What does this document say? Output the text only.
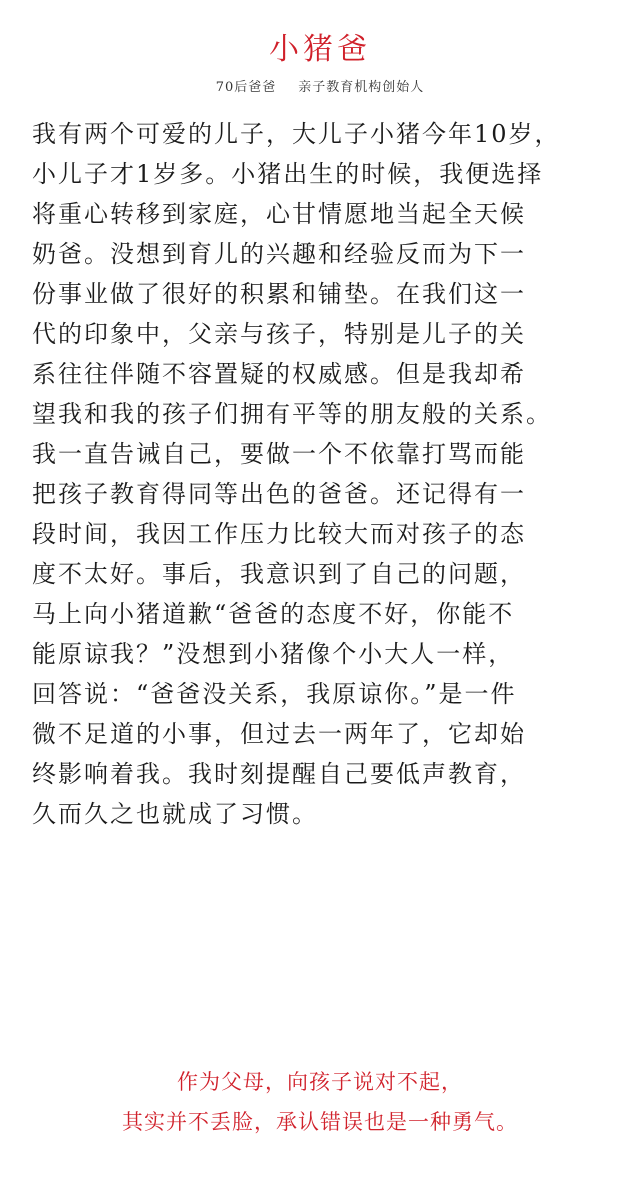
小猪爸
70后爸爸 亲子教育机构创始人
我有两个可爱的儿子，大儿子小猪今年10岁，
小儿子才1岁多。小猪出生的时候，我便选择
将重心转移到家庭，心甘情愿地当起全天候
奶爸。没想到育儿的兴趣和经验反而为下一
份事业做了很好的积累和铺垫。在我们这一
代的印象中，父亲与孩子，特别是儿子的关
系往往伴随不容置疑的权威感。但是我却希
望我和我的孩子们拥有平等的朋友般的关系。
我一直告诫自己，要做一个不依靠打骂而能
把孩子教育得同等出色的爸爸。还记得有一
段时间，我因工作压力比较大而对孩子的态
度不太好。事后，我意识到了自己的问题，
马上向小猪道歉“爸爸的态度不好，你能不
能原谅我？”没想到小猪像个小大人一样，
回答说：“爸爸没关系，我原谅你。”是一件
微不足道的小事，但过去一两年了，它却始
终影响着我。我时刻提醒自己要低声教育，
久而久之也就成了习惯。
作为父母，向孩子说对不起，
其实并不丢脸，承认错误也是一种勇气。
